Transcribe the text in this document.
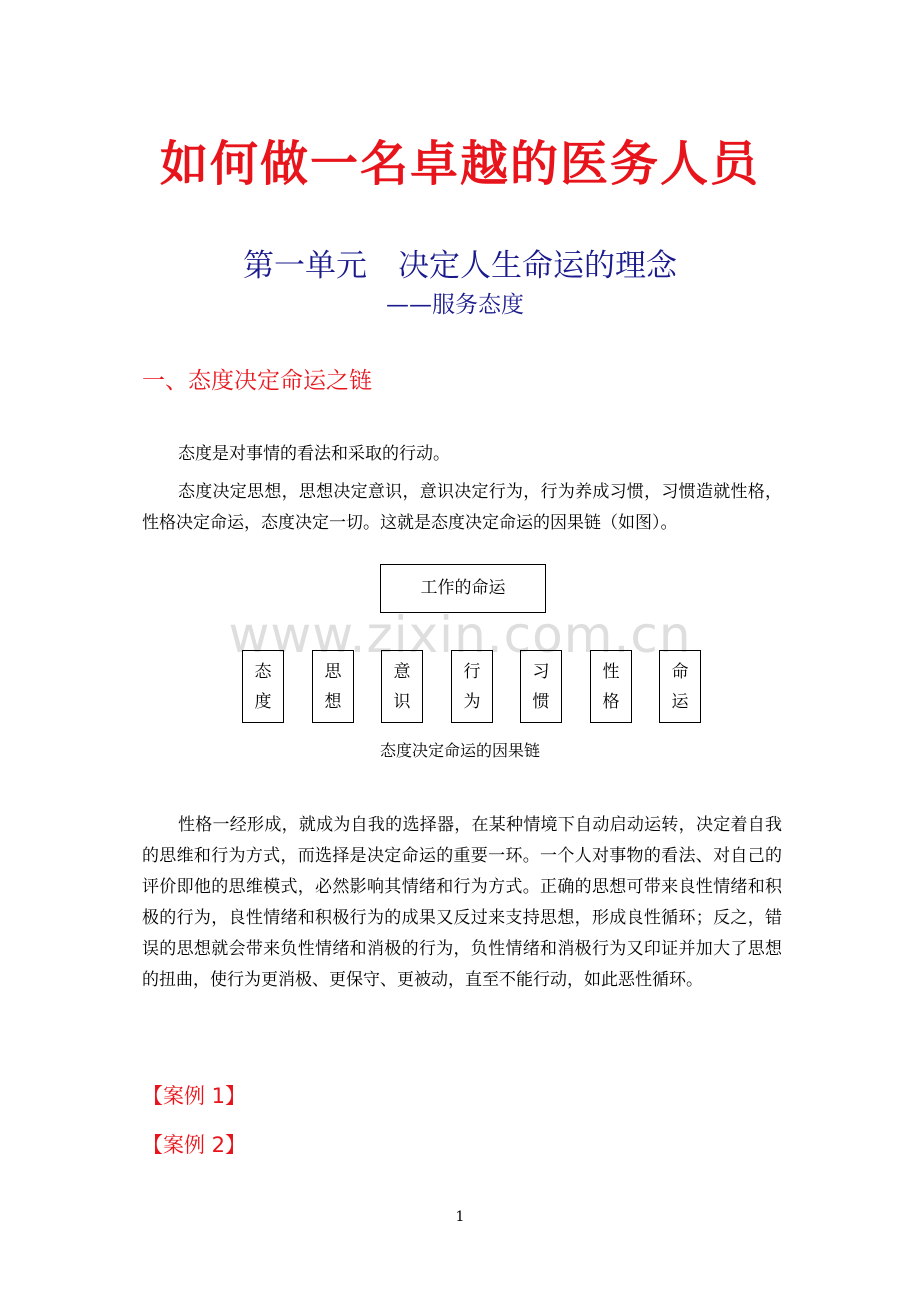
如何做一名卓越的医务人员
第一单元　决定人生命运的理念
——服务态度
一、态度决定命运之链
态度是对事情的看法和采取的行动。
态度决定思想，思想决定意识，意识决定行为，行为养成习惯，习惯造就性格，性格决定命运，态度决定一切。这就是态度决定命运的因果链（如图）。
www.zixin.com.cn
工作的命运
态
度
思
想
意
识
行
为
习
惯
性
格
命
运
态度决定命运的因果链
性格一经形成，就成为自我的选择器，在某种情境下自动启动运转，决定着自我的思维和行为方式，而选择是决定命运的重要一环。一个人对事物的看法、对自己的评价即他的思维模式，必然影响其情绪和行为方式。正确的思想可带来良性情绪和积极的行为，良性情绪和积极行为的成果又反过来支持思想，形成良性循环；反之，错误的思想就会带来负性情绪和消极的行为，负性情绪和消极行为又印证并加大了思想的扭曲，使行为更消极、更保守、更被动，直至不能行动，如此恶性循环。
【案例 1】
【案例 2】
1
